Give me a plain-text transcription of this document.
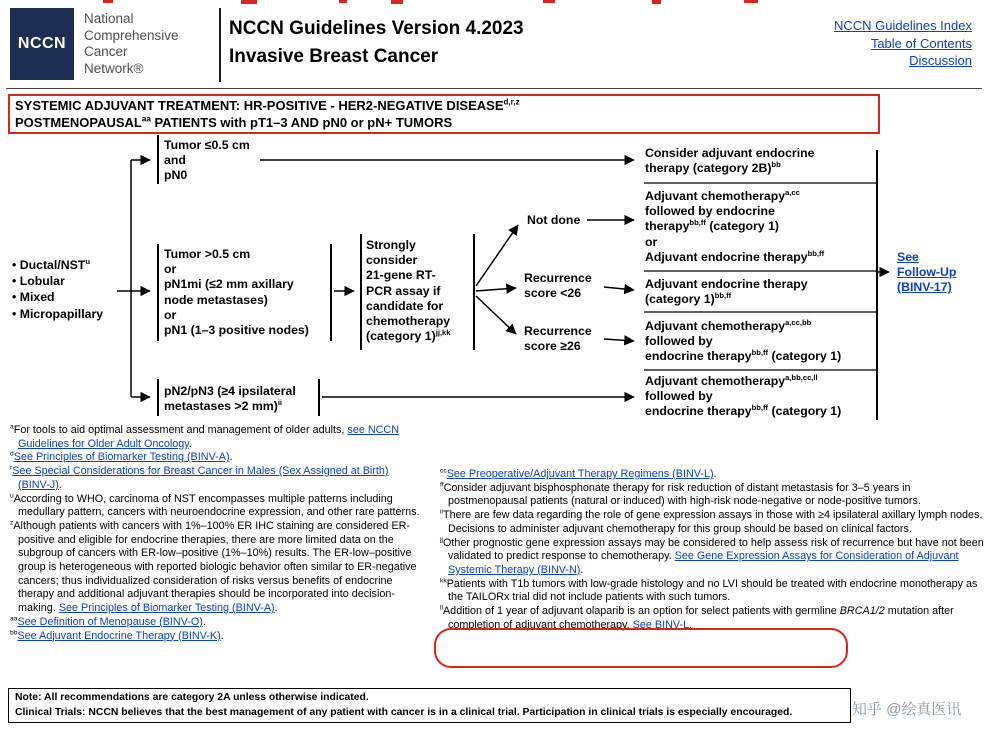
NCCN
National
Comprehensive
Cancer
Network®
NCCN Guidelines Version 4.2023
Invasive Breast Cancer
NCCN Guidelines Index
Table of Contents
Discussion
SYSTEMIC ADJUVANT TREATMENT: HR-POSITIVE - HER2-NEGATIVE DISEASE$^{d,r,z}$
$POSTMENOPAUSAL^{aa}$ PATIENTS with pT1–3 AND pN0 or pN+ TUMORS
• Ductal/NST$^u$
• Lobular
• Mixed
• Micropapillary
Tumor ≤0.5 cm
and
pN0
Tumor >0.5 cm
or
pN1mi (≤2 mm axillary
node metastases)
or
pN1 (1–3 positive nodes)
Strongly
consider
21-gene RT-
PCR assay if
candidate for
chemotherapy
(category 1)$^{jj,kk}$
pN2/pN3 (≥4 ipsilateral
metastases >2 mm)$^{ii}$
Not done
Recurrence
score <26
Recurrence
score ≥26
Consider adjuvant endocrine
therapy (category 2B)$^{bb}$
Adjuvant chemotherapy$^{a,cc}$
followed by endocrine
therapy$^{bb,ff}$ (category 1)
or
Adjuvant endocrine therapy$^{bb,ff}$
Adjuvant endocrine therapy
(category 1)$^{bb,ff}$
Adjuvant chemotherapy$^{a,cc,bb}$
followed by
endocrine therapy$^{bb,ff}$ (category 1)
Adjuvant chemotherapy$^{a,bb,cc,ll}$
followed by
endocrine therapy$^{bb,ff}$ (category 1)
See
Follow-Up
(BINV-17)
$^a$For tools to aid optimal assessment and management of older adults, see NCCN Guidelines for Older Adult Oncology.
$^d$See Principles of Biomarker Testing (BINV-A).
$^r$See Special Considerations for Breast Cancer in Males (Sex Assigned at Birth) (BINV-J).
$^u$According to WHO, carcinoma of NST encompasses multiple patterns including medullary pattern, cancers with neuroendocrine expression, and other rare patterns.
$^z$Although patients with cancers with 1%–100% ER IHC staining are considered ER-positive and eligible for endocrine therapies, there are more limited data on the subgroup of cancers with ER-low–positive (1%–10%) results. The ER-low–positive group is heterogeneous with reported biologic behavior often similar to ER-negative cancers; thus individualized consideration of risks versus benefits of endocrine therapy and additional adjuvant therapies should be incorporated into decision-making. See Principles of Biomarker Testing (BINV-A).
$^{aa}$See Definition of Menopause (BINV-O).
$^{bb}$See Adjuvant Endocrine Therapy (BINV-K).
$^{cc}$See Preoperative/Adjuvant Therapy Regimens (BINV-L).
$^{ff}$Consider adjuvant bisphosphonate therapy for risk reduction of distant metastasis for 3–5 years in postmenopausal patients (natural or induced) with high-risk node-negative or node-positive tumors.
$^{ii}$There are few data regarding the role of gene expression assays in those with ≥4 ipsilateral axillary lymph nodes. Decisions to administer adjuvant chemotherapy for this group should be based on clinical factors.
$^{jj}$Other prognostic gene expression assays may be considered to help assess risk of recurrence but have not been validated to predict response to chemotherapy. See Gene Expression Assays for Consideration of Adjuvant Systemic Therapy (BINV-N).
$^{kk}$Patients with T1b tumors with low-grade histology and no LVI should be treated with endocrine monotherapy as the TAILORx trial did not include patients with such tumors.
$^{ll}$Addition of 1 year of adjuvant olaparib is an option for select patients with germline BRCA1/2 mutation after completion of adjuvant chemotherapy. See BINV-L.
Note: All recommendations are category 2A unless otherwise indicated.
Clinical Trials: NCCN believes that the best management of any patient with cancer is in a clinical trial. Participation in clinical trials is especially encouraged.	知乎 @绘真医讯
